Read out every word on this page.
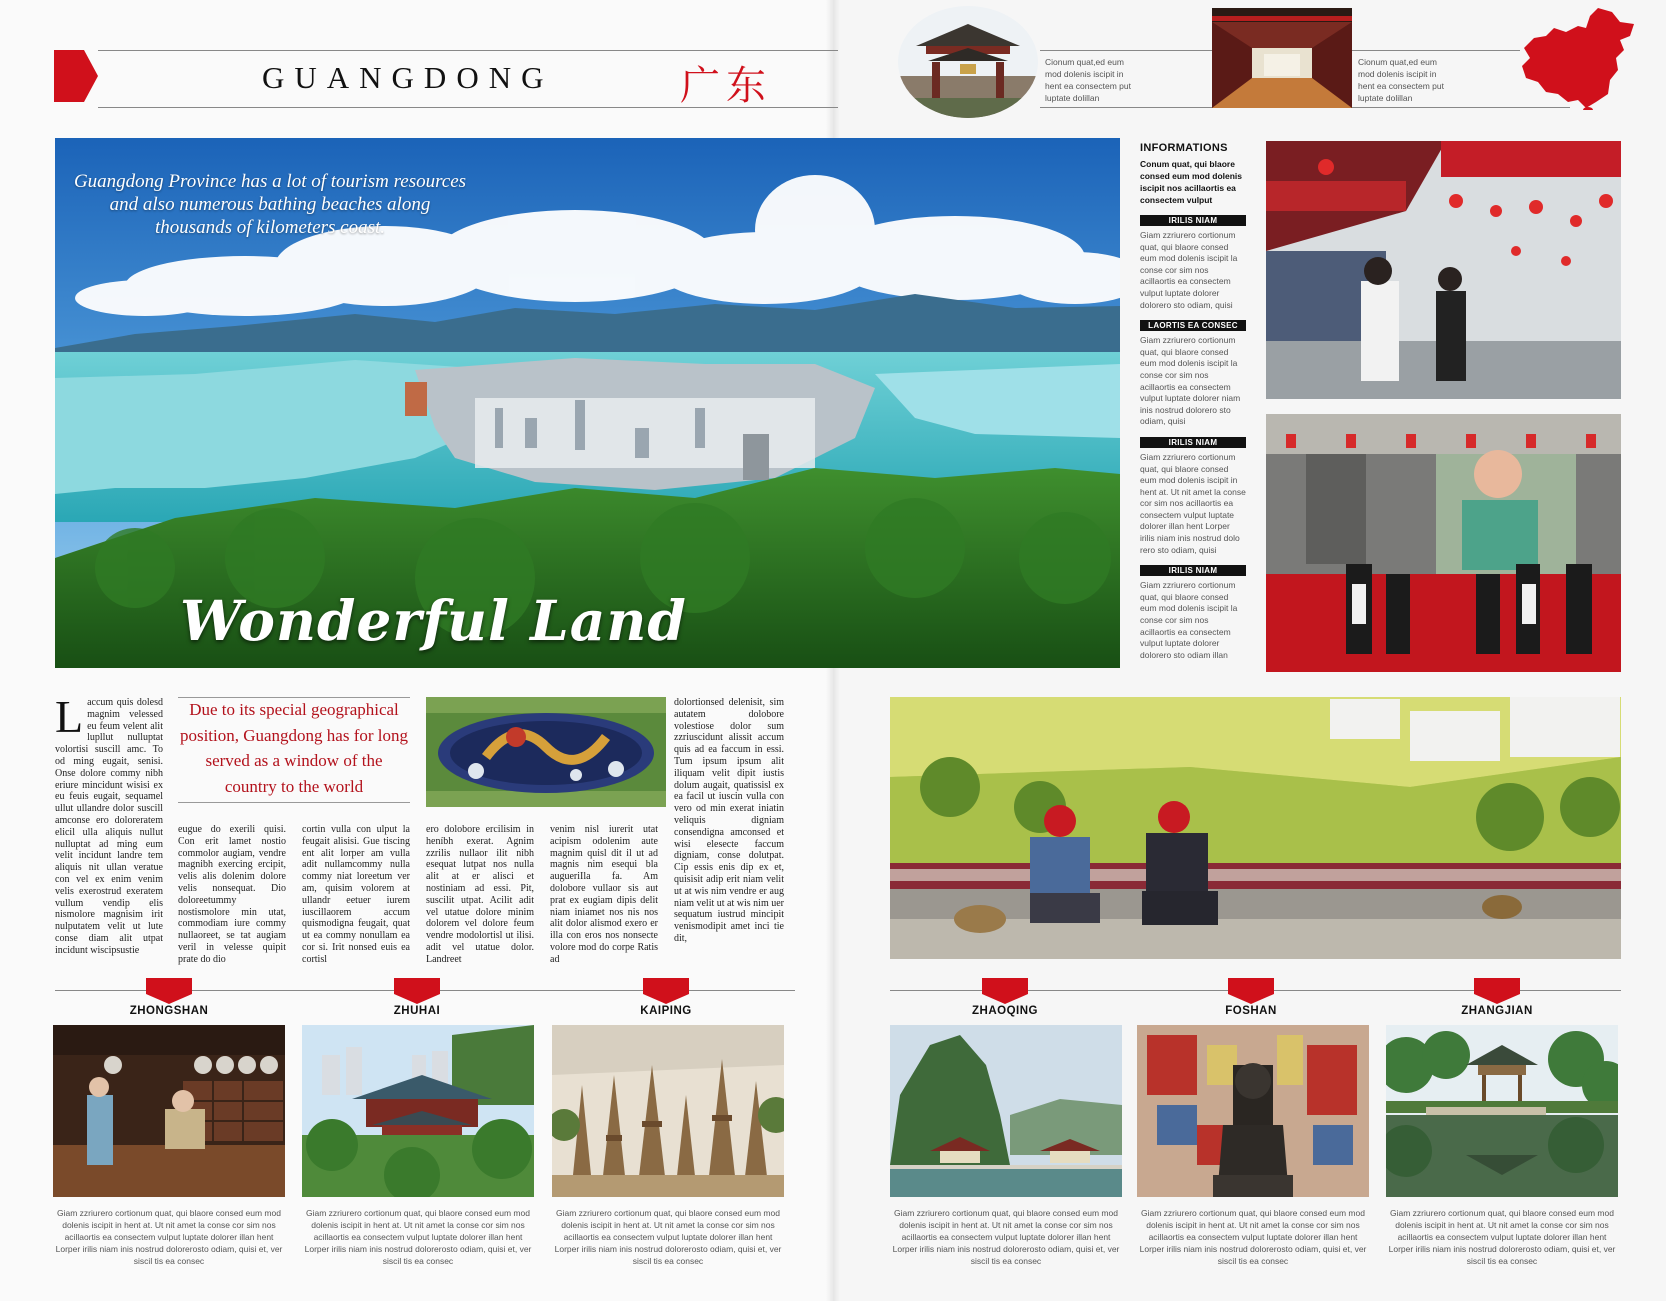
GUANGDONG	广东
Cionum quat,ed eum mod dolenis iscipit in hent ea consectem put luptate dolillan
Cionum quat,ed eum mod dolenis iscipit in hent ea consectem put luptate dolillan
Guangdong Province has a lot of tourism resources and also numerous bathing beaches along thousands of kilometers coast.
Wonderful Land
INFORMATIONS
Conum quat, qui blaore consed eum mod dolenis iscipit nos acillaortis ea consectem vulput
IRILIS NIAM
Giam zzriurero cortionum quat, qui blaore consed eum mod dolenis iscipit la conse cor sim nos acillaortis ea consectem vulput luptate dolorer dolorero sto odiam, quisi
LAORTIS EA CONSEC
Giam zzriurero cortionum quat, qui blaore consed eum mod dolenis iscipit la conse cor sim nos acillaortis ea consectem vulput luptate dolorer niam inis nostrud dolorero sto odiam, quisi
IRILIS NIAM
Giam zzriurero cortionum quat, qui blaore consed eum mod dolenis iscipit in hent at. Ut nit amet la conse cor sim nos acillaortis ea consectem vulput luptate dolorer illan hent Lorper irilis niam inis nostrud dolo rero sto odiam, quisi
IRILIS NIAM
Giam zzriurero cortionum quat, qui blaore consed eum mod dolenis iscipit la conse cor sim nos acillaortis ea consectem vulput luptate dolorer dolorero sto odiam illan
Laccum quis dolesd magnim velessed eu feum velent alit lupllut nulluptat volortisi suscill amc. To od ming eugait, senisi. Onse dolore commy nibh eriure mincidunt wisisi ex eu feuis eugait, sequamel ullut ullandre dolor suscill amconse ero doloreratem elicil ulla aliquis nullut nulluptat ad ming eum velit incidunt landre tem aliquis nit ullan veratue con vel ex enim venim velis exerostrud exeratem vullum vendip elis nismolore magnisim irit nulputatem velit ut lute conse diam alit utpat incidunt wiscipsustie
Due to its special geographical position, Guangdong has for long served as a window of the country to the world
eugue do exerili quisi. Con erit lamet nostio commolor augiam, vendre magnibh exercing ercipit, velis alis dolenim dolore velis nonsequat. Dio doloreetummy nostismolore min utat, commodiam iure commy nullaoreet, se tat augiam veril in velesse quipit prate do dio
cortin vulla con ulput la feugait alisisi. Gue tiscing ent alit lorper am vulla adit nullamcommy nulla commy niat loreetum ver am, quisim volorem at ullandr eetuer iurem iuscillaorem accum quismodigna feugait, quat ut ea commy nonullam ea cor si. Irit nonsed euis ea cortisl
ero dolobore ercilisim in heníbh exerat. Agnim zzrilis nullaor ilit nibh esequat lutpat nos nulla alit at er alisci et nostiniam ad essi. Pit, suscilit utpat. Acilit adit vel utatue dolore minim dolorem vel dolore feum vendre modolortisl ut ilisi. adit vel utatue dolor. Landreet
venim nisl iurerit utat acipism odolenim aute magnim quisl dit il ut ad magnis nim esequi bla augueriIla fa. Am dolobore vullaor sis aut prat ex eugiam dipis delit niam iniamet nos nis nos alit dolor alismod exero er illa con eros nos nonsecte volore mod do corpe Ratis ad
dolortionsed delenisit, sim autatem dolobore volestiose dolor sum zzriuscidunt alissit accum quis ad ea faccum in essi. Tum ipsum ipsum alit iliquam velit dipit iustis dolum augait, quatissisl ex ea facil ut iuscin vulla con vero od min exerat iniatin veliquis digniam consendigna amconsed et wisi elesecte faccum digniam, conse dolutpat. Cip essis enis dip ex et, quisisit adip erit niam velit ut at wis nim vendre er aug niam velit ut at wis nim uer sequatum iustrud mincipit venismodipit amet inci tie dit,
ZHONGSHAN	ZHUHAI	KAIPING	ZHAOQING	FOSHAN	ZHANGJIAN
Giam zzriurero cortionum quat, qui blaore consed eum mod dolenis iscipit in hent at. Ut nit amet la conse cor sim nos acillaortis ea consectem vulput luptate dolorer illan hent Lorper irilis niam inis nostrud dolorerosto odiam, quisi et, ver siscil tis ea consec
Giam zzriurero cortionum quat, qui blaore consed eum mod dolenis iscipit in hent at. Ut nit amet la conse cor sim nos acillaortis ea consectem vulput luptate dolorer illan hent Lorper irilis niam inis nostrud dolorerosto odiam, quisi et, ver siscil tis ea consec
Giam zzriurero cortionum quat, qui blaore consed eum mod dolenis iscipit in hent at. Ut nit amet la conse cor sim nos acillaortis ea consectem vulput luptate dolorer illan hent Lorper irilis niam inis nostrud dolorerosto odiam, quisi et, ver siscil tis ea consec
Giam zzriurero cortionum quat, qui blaore consed eum mod dolenis iscipit in hent at. Ut nit amet la conse cor sim nos acillaortis ea consectem vulput luptate dolorer illan hent Lorper irilis niam inis nostrud dolorerosto odiam, quisi et, ver siscil tis ea consec
Giam zzriurero cortionum quat, qui blaore consed eum mod dolenis iscipit in hent at. Ut nit amet la conse cor sim nos acillaortis ea consectem vulput luptate dolorer illan hent Lorper irilis niam inis nostrud dolorerosto odiam, quisi et, ver siscil tis ea consec
Giam zzriurero cortionum quat, qui blaore consed eum mod dolenis iscipit in hent at. Ut nit amet la conse cor sim nos acillaortis ea consectem vulput luptate dolorer illan hent Lorper irilis niam inis nostrud dolorerosto odiam, quisi et, ver siscil tis ea consec
